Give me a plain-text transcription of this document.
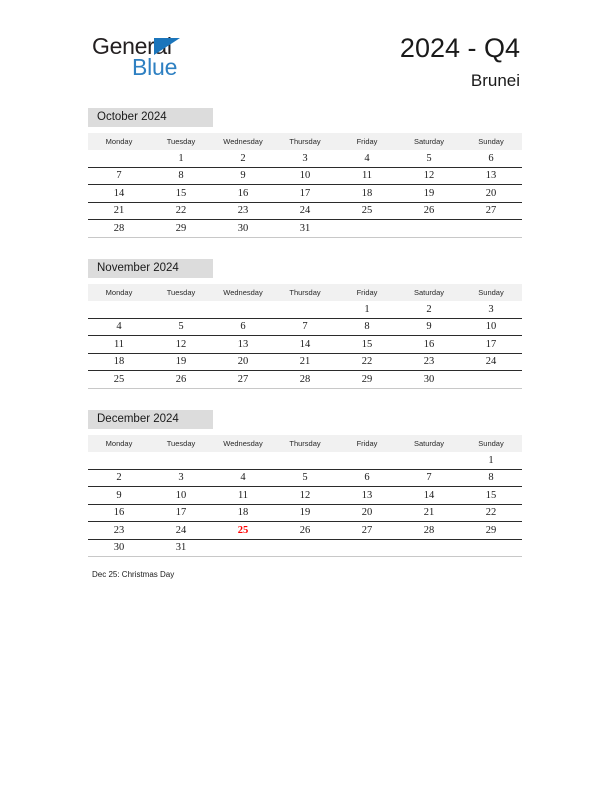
General
Blue
2024 - Q4
Brunei
Dec 25: Christmas Day
October 2024
Monday	Tuesday	Wednesday	Thursday	Friday	Saturday	Sunday
	1	2	3	4	5	6
7	8	9	10	11	12	13
14	15	16	17	18	19	20
21	22	23	24	25	26	27
28	29	30	31			
November 2024
Monday	Tuesday	Wednesday	Thursday	Friday	Saturday	Sunday
				1	2	3
4	5	6	7	8	9	10
11	12	13	14	15	16	17
18	19	20	21	22	23	24
25	26	27	28	29	30	
December 2024
Monday	Tuesday	Wednesday	Thursday	Friday	Saturday	Sunday
						1
2	3	4	5	6	7	8
9	10	11	12	13	14	15
16	17	18	19	20	21	22
23	24	25	26	27	28	29
30	31					
